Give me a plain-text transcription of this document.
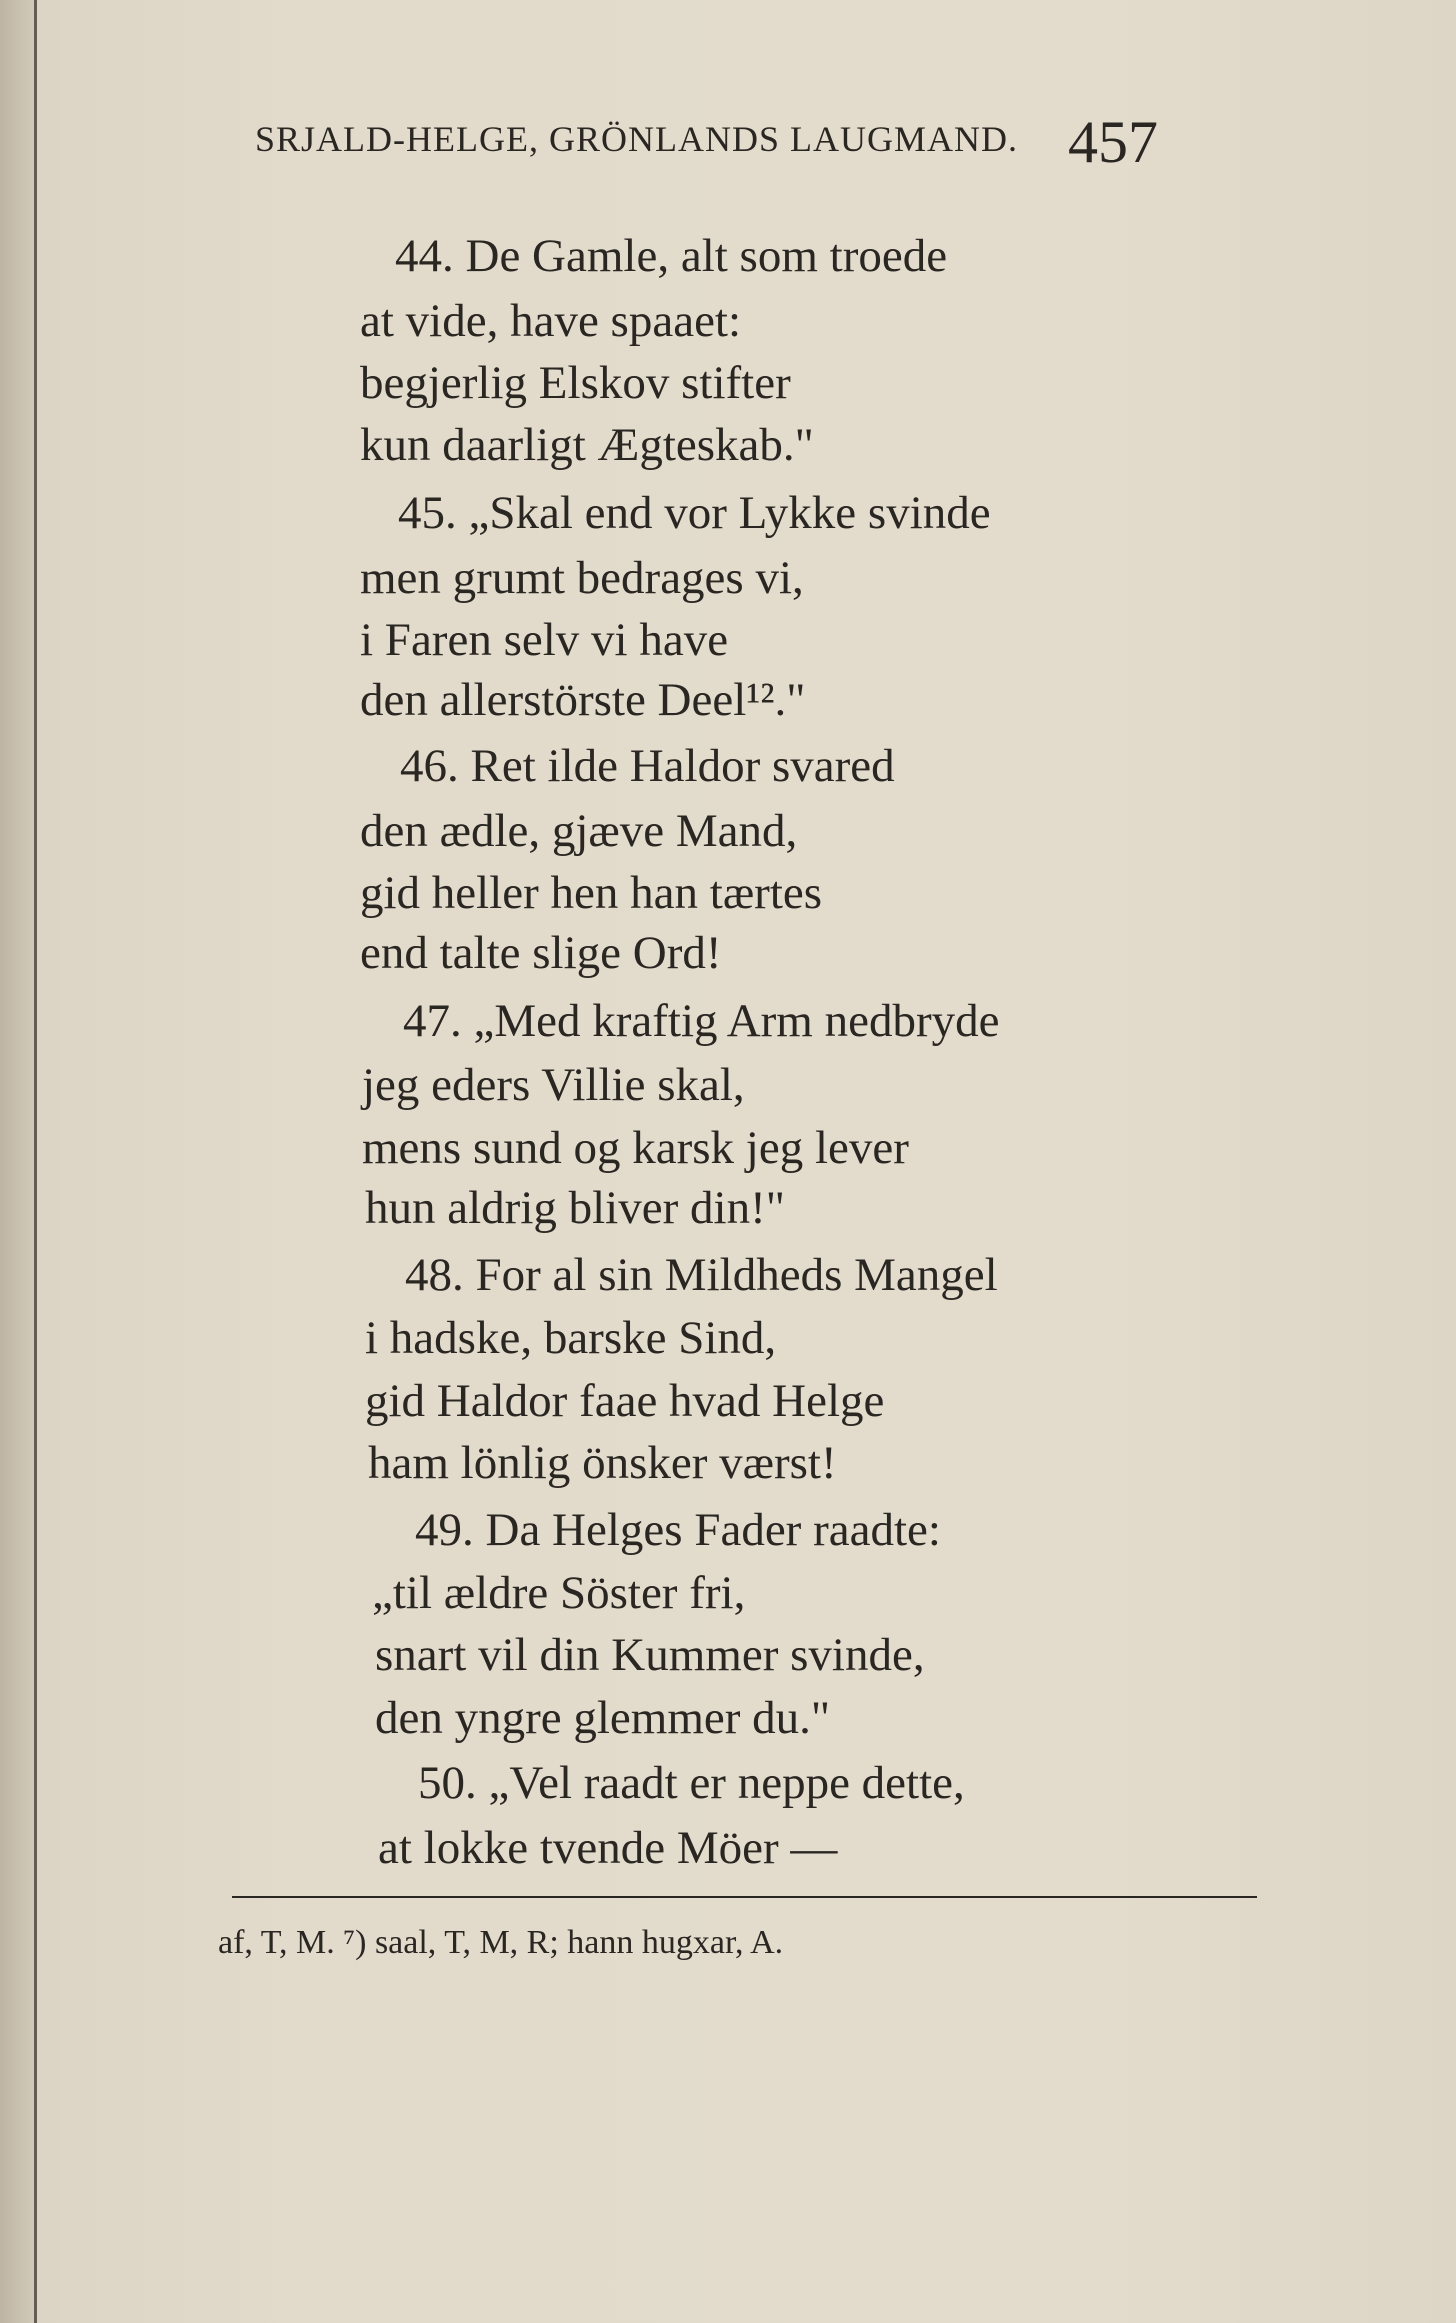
SRJALD-HELGE, GRÖNLANDS LAUGMAND. 457
44. De Gamle, alt som troede
at vide, have spaaet:
begjerlig Elskov stifter
kun daarligt Ægteskab."
45. „Skal end vor Lykke svinde
men grumt bedrages vi,
i Faren selv vi have
den allerstörste Deel¹²."
46. Ret ilde Haldor svared
den ædle, gjæve Mand,
gid heller hen han tærtes
end talte slige Ord!
47. „Med kraftig Arm nedbryde
jeg eders Villie skal,
mens sund og karsk jeg lever
hun aldrig bliver din!"
48. For al sin Mildheds Mangel
i hadske, barske Sind,
gid Haldor faae hvad Helge
ham lönlig önsker værst!
49. Da Helges Fader raadte:
„til ældre Söster fri,
snart vil din Kummer svinde,
den yngre glemmer du."
50. „Vel raadt er neppe dette,
at lokke tvende Möer —
af, T, M. ⁷) saal, T, M, R; hann hugxar, A.
